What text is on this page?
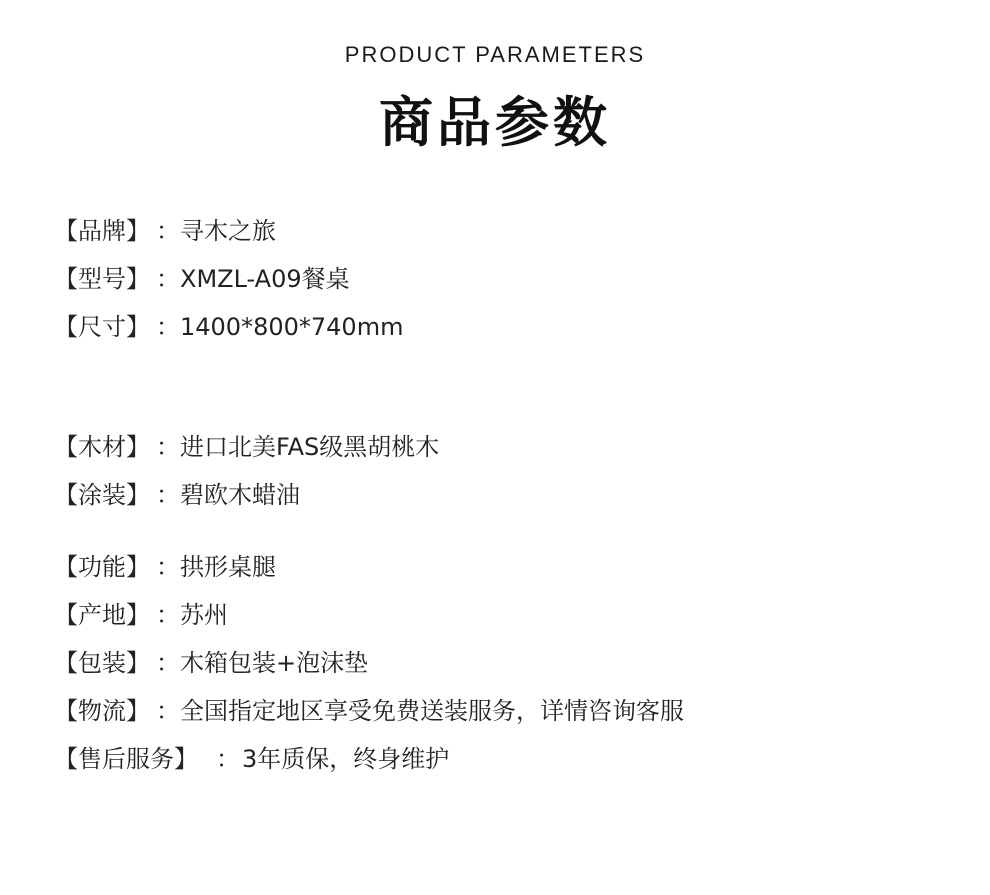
PRODUCT PARAMETERS
商品参数
【品牌】 ：寻木之旅
【型号】 ：XMZL-A09餐桌
【尺寸】 ：1400*800*740mm
【木材】 ：进口北美FAS级黑胡桃木
【涂装】 ：碧欧木蜡油
【功能】 ：拱形桌腿
【产地】 ：苏州
【包装】 ：木箱包装+泡沫垫
【物流】 ：全国指定地区享受免费送装服务，详情咨询客服
【售后服务】 ：3年质保，终身维护
